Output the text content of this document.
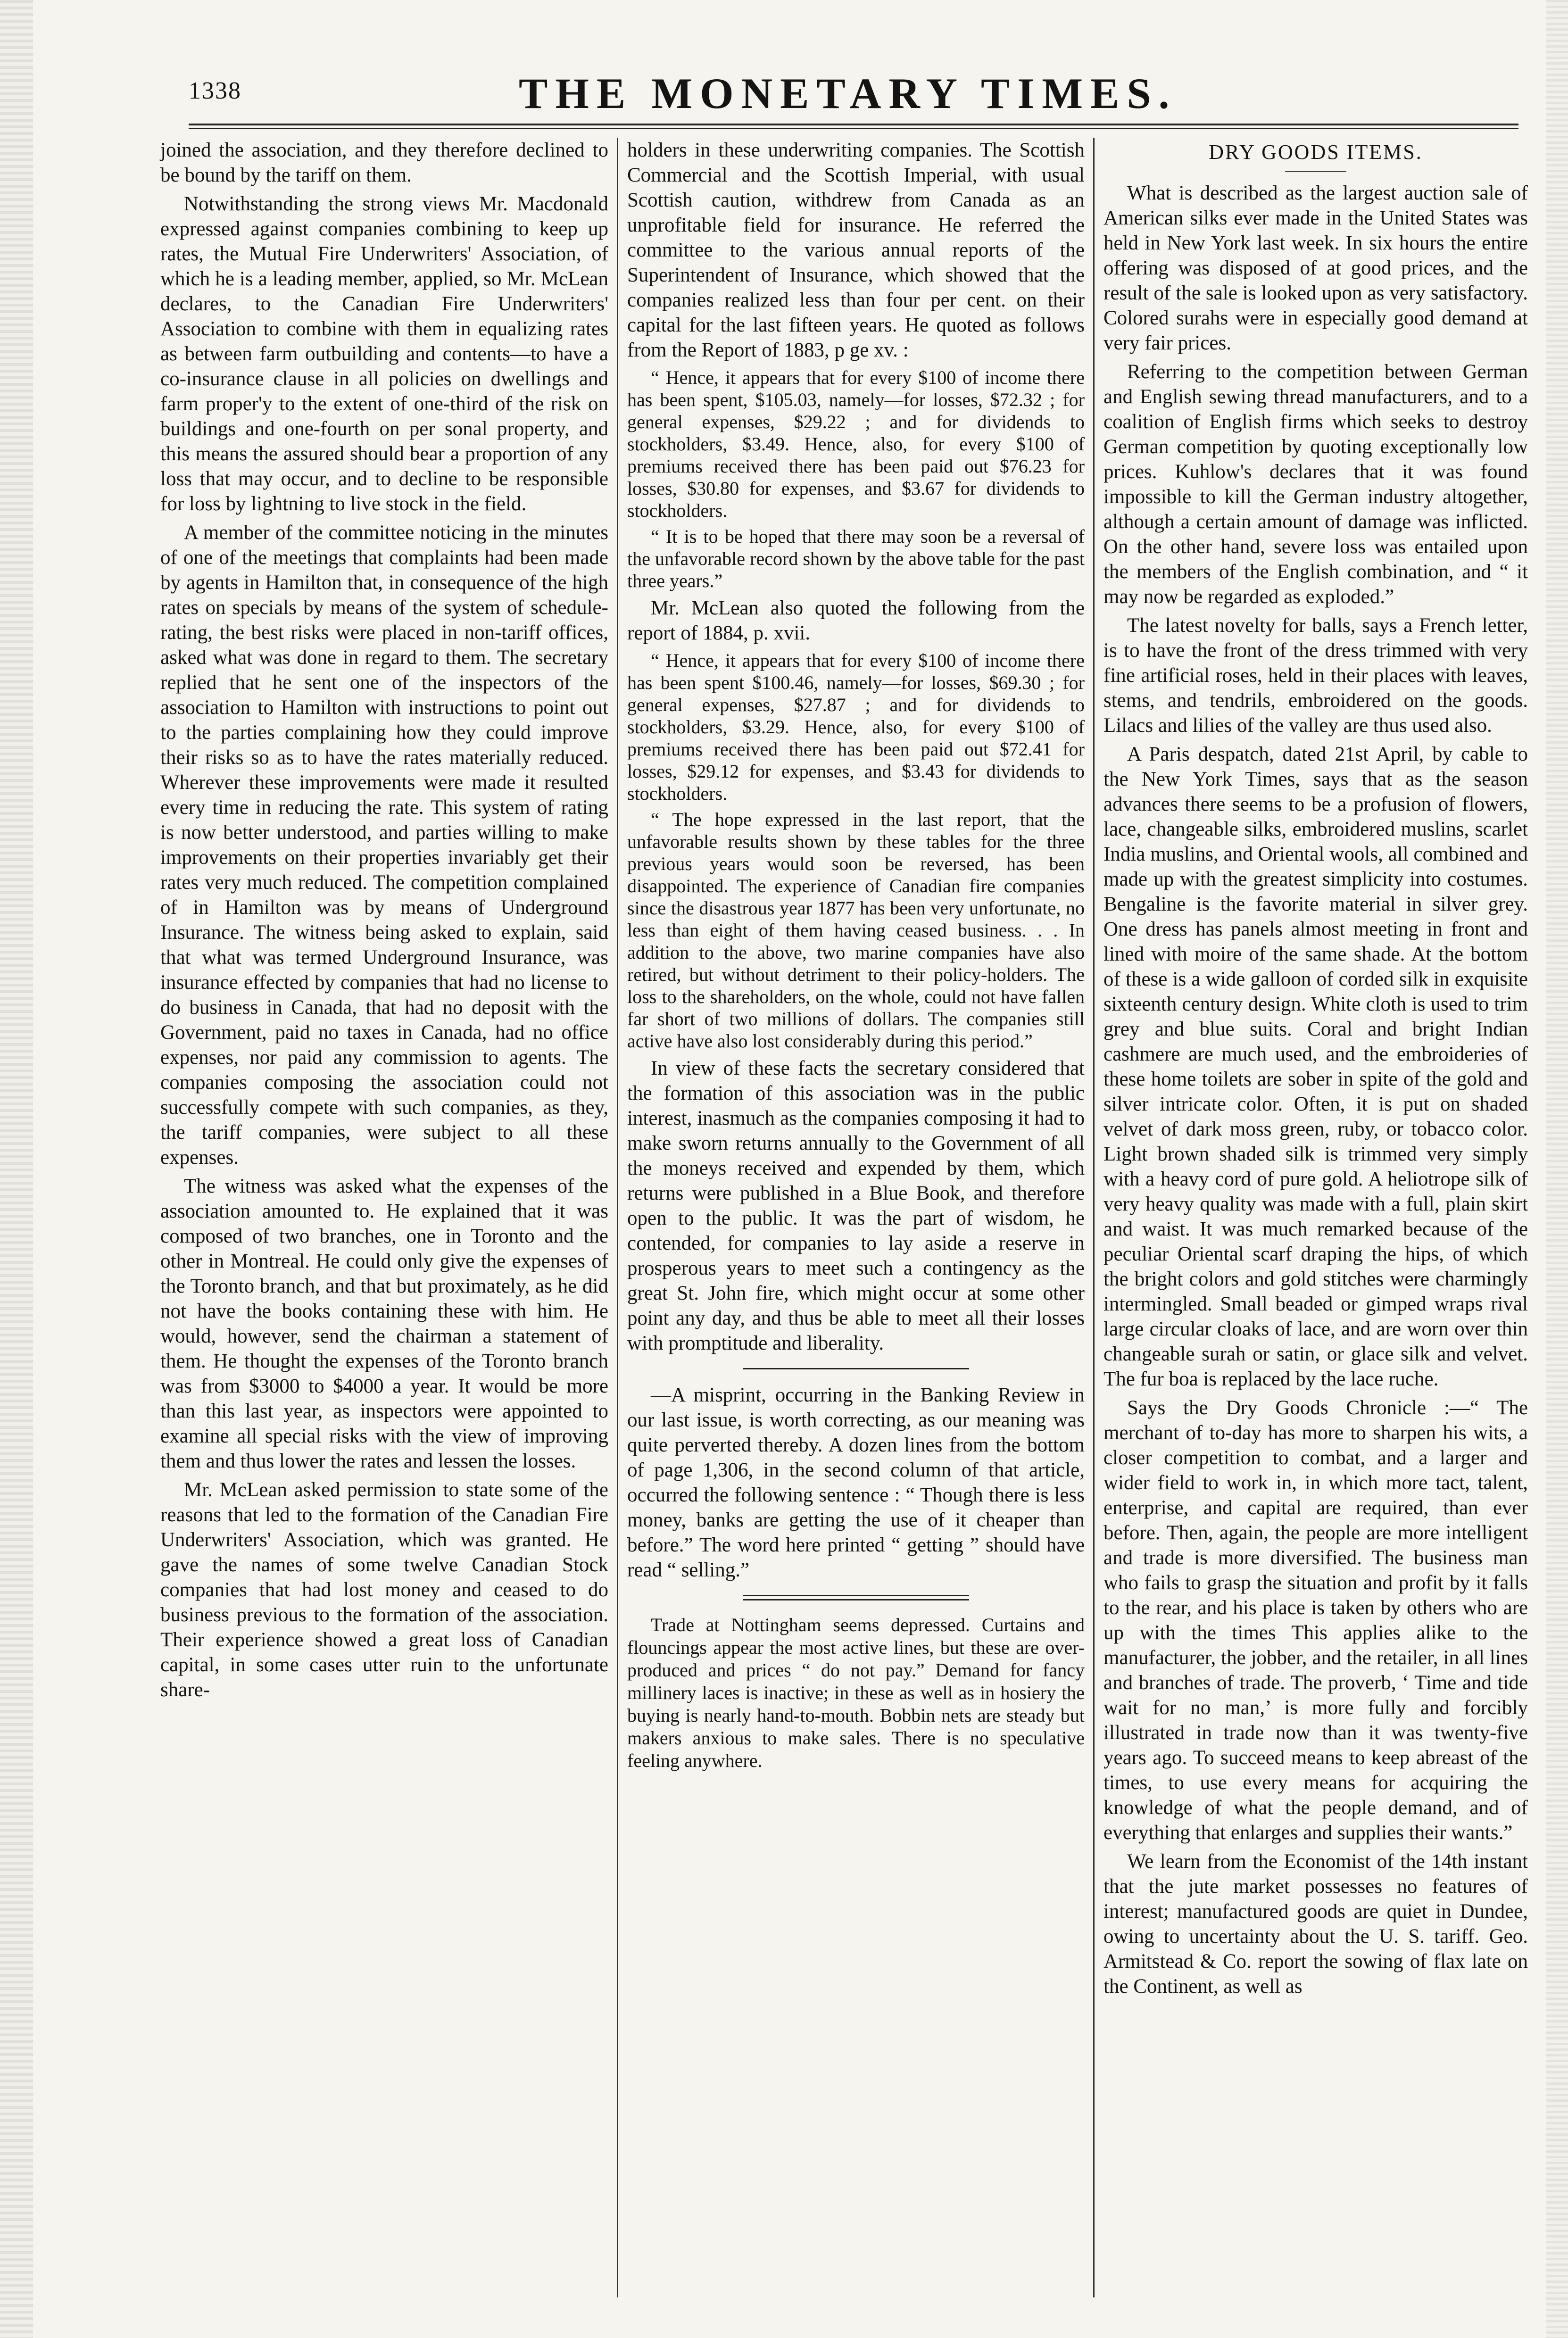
1338	THE MONETARY TIMES.

joined the association, and they therefore declined to be bound by the tariff on them.

Notwithstanding the strong views Mr. Macdonald expressed against companies combining to keep up rates, the Mutual Fire Underwriters' Association, of which he is a leading member, applied, so Mr. McLean declares, to the Canadian Fire Underwriters' Association to combine with them in equalizing rates as between farm outbuilding and contents—to have a co-insurance clause in all policies on dwellings and farm proper'y to the extent of one-third of the risk on buildings and one-fourth on per sonal property, and this means the assured should bear a proportion of any loss that may occur, and to decline to be responsible for loss by lightning to live stock in the field.

A member of the committee noticing in the minutes of one of the meetings that complaints had been made by agents in Hamilton that, in consequence of the high rates on specials by means of the system of schedule-rating, the best risks were placed in non-tariff offices, asked what was done in regard to them. The secretary replied that he sent one of the inspectors of the association to Hamilton with instructions to point out to the parties complaining how they could improve their risks so as to have the rates materially reduced. Wherever these improvements were made it resulted every time in reducing the rate. This system of rating is now better understood, and parties willing to make improvements on their properties invariably get their rates very much reduced. The competition complained of in Hamilton was by means of Underground Insurance. The witness being asked to explain, said that what was termed Underground Insurance, was insurance effected by companies that had no license to do business in Canada, that had no deposit with the Government, paid no taxes in Canada, had no office expenses, nor paid any commission to agents. The companies composing the association could not successfully compete with such companies, as they, the tariff companies, were subject to all these expenses.

The witness was asked what the expenses of the association amounted to. He explained that it was composed of two branches, one in Toronto and the other in Montreal. He could only give the expenses of the Toronto branch, and that but proximately, as he did not have the books containing these with him. He would, however, send the chairman a statement of them. He thought the expenses of the Toronto branch was from $3000 to $4000 a year. It would be more than this last year, as inspectors were appointed to examine all special risks with the view of improving them and thus lower the rates and lessen the losses.

Mr. McLean asked permission to state some of the reasons that led to the formation of the Canadian Fire Underwriters' Association, which was granted. He gave the names of some twelve Canadian Stock companies that had lost money and ceased to do business previous to the formation of the association. Their experience showed a great loss of Canadian capital, in some cases utter ruin to the unfortunate share-

holders in these underwriting companies. The Scottish Commercial and the Scottish Imperial, with usual Scottish caution, withdrew from Canada as an unprofitable field for insurance. He referred the committee to the various annual reports of the Superintendent of Insurance, which showed that the companies realized less than four per cent. on their capital for the last fifteen years. He quoted as follows from the Report of 1883, p ge xv. :

“ Hence, it appears that for every $100 of income there has been spent, $105.03, namely—for losses, $72.32 ; for general expenses, $29.22 ; and for dividends to stockholders, $3.49. Hence, also, for every $100 of premiums received there has been paid out $76.23 for losses, $30.80 for expenses, and $3.67 for dividends to stockholders.

“ It is to be hoped that there may soon be a reversal of the unfavorable record shown by the above table for the past three years.”

Mr. McLean also quoted the following from the report of 1884, p. xvii.

“ Hence, it appears that for every $100 of income there has been spent $100.46, namely—for losses, $69.30 ; for general expenses, $27.87 ; and for dividends to stockholders, $3.29. Hence, also, for every $100 of premiums received there has been paid out $72.41 for losses, $29.12 for expenses, and $3.43 for dividends to stockholders.

“ The hope expressed in the last report, that the unfavorable results shown by these tables for the three previous years would soon be reversed, has been disappointed. The experience of Canadian fire companies since the disastrous year 1877 has been very unfortunate, no less than eight of them having ceased business. . . In addition to the above, two marine companies have also retired, but without detriment to their policy-holders. The loss to the shareholders, on the whole, could not have fallen far short of two millions of dollars. The companies still active have also lost considerably during this period.”

In view of these facts the secretary considered that the formation of this association was in the public interest, inasmuch as the companies composing it had to make sworn returns annually to the Government of all the moneys received and expended by them, which returns were published in a Blue Book, and therefore open to the public. It was the part of wisdom, he contended, for companies to lay aside a reserve in prosperous years to meet such a contingency as the great St. John fire, which might occur at some other point any day, and thus be able to meet all their losses with promptitude and liberality.

—A misprint, occurring in the Banking Review in our last issue, is worth correcting, as our meaning was quite perverted thereby. A dozen lines from the bottom of page 1,306, in the second column of that article, occurred the following sentence : “ Though there is less money, banks are getting the use of it cheaper than before.” The word here printed “ getting ” should have read “ selling.”

Trade at Nottingham seems depressed. Curtains and flouncings appear the most active lines, but these are over-produced and prices “ do not pay.” Demand for fancy millinery laces is inactive; in these as well as in hosiery the buying is nearly hand-to-mouth. Bobbin nets are steady but makers anxious to make sales. There is no speculative feeling anywhere.

DRY GOODS ITEMS.

What is described as the largest auction sale of American silks ever made in the United States was held in New York last week. In six hours the entire offering was disposed of at good prices, and the result of the sale is looked upon as very satisfactory. Colored surahs were in especially good demand at very fair prices.

Referring to the competition between German and English sewing thread manufacturers, and to a coalition of English firms which seeks to destroy German competition by quoting exceptionally low prices. Kuhlow's declares that it was found impossible to kill the German industry altogether, although a certain amount of damage was inflicted. On the other hand, severe loss was entailed upon the members of the English combination, and “ it may now be regarded as exploded.”

The latest novelty for balls, says a French letter, is to have the front of the dress trimmed with very fine artificial roses, held in their places with leaves, stems, and tendrils, embroidered on the goods. Lilacs and lilies of the valley are thus used also.

A Paris despatch, dated 21st April, by cable to the New York Times, says that as the season advances there seems to be a profusion of flowers, lace, changeable silks, embroidered muslins, scarlet India muslins, and Oriental wools, all combined and made up with the greatest simplicity into costumes. Bengaline is the favorite material in silver grey. One dress has panels almost meeting in front and lined with moire of the same shade. At the bottom of these is a wide galloon of corded silk in exquisite sixteenth century design. White cloth is used to trim grey and blue suits. Coral and bright Indian cashmere are much used, and the embroideries of these home toilets are sober in spite of the gold and silver intricate color. Often, it is put on shaded velvet of dark moss green, ruby, or tobacco color. Light brown shaded silk is trimmed very simply with a heavy cord of pure gold. A heliotrope silk of very heavy quality was made with a full, plain skirt and waist. It was much remarked because of the peculiar Oriental scarf draping the hips, of which the bright colors and gold stitches were charmingly intermingled. Small beaded or gimped wraps rival large circular cloaks of lace, and are worn over thin changeable surah or satin, or glace silk and velvet. The fur boa is replaced by the lace ruche.

Says the Dry Goods Chronicle :—“ The merchant of to-day has more to sharpen his wits, a closer competition to combat, and a larger and wider field to work in, in which more tact, talent, enterprise, and capital are required, than ever before. Then, again, the people are more intelligent and trade is more diversified. The business man who fails to grasp the situation and profit by it falls to the rear, and his place is taken by others who are up with the times This applies alike to the manufacturer, the jobber, and the retailer, in all lines and branches of trade. The proverb, ‘ Time and tide wait for no man,’ is more fully and forcibly illustrated in trade now than it was twenty-five years ago. To succeed means to keep abreast of the times, to use every means for acquiring the knowledge of what the people demand, and of everything that enlarges and supplies their wants.”

We learn from the Economist of the 14th instant that the jute market possesses no features of interest; manufactured goods are quiet in Dundee, owing to uncertainty about the U. S. tariff. Geo. Armitstead & Co. report the sowing of flax late on the Continent, as well as
